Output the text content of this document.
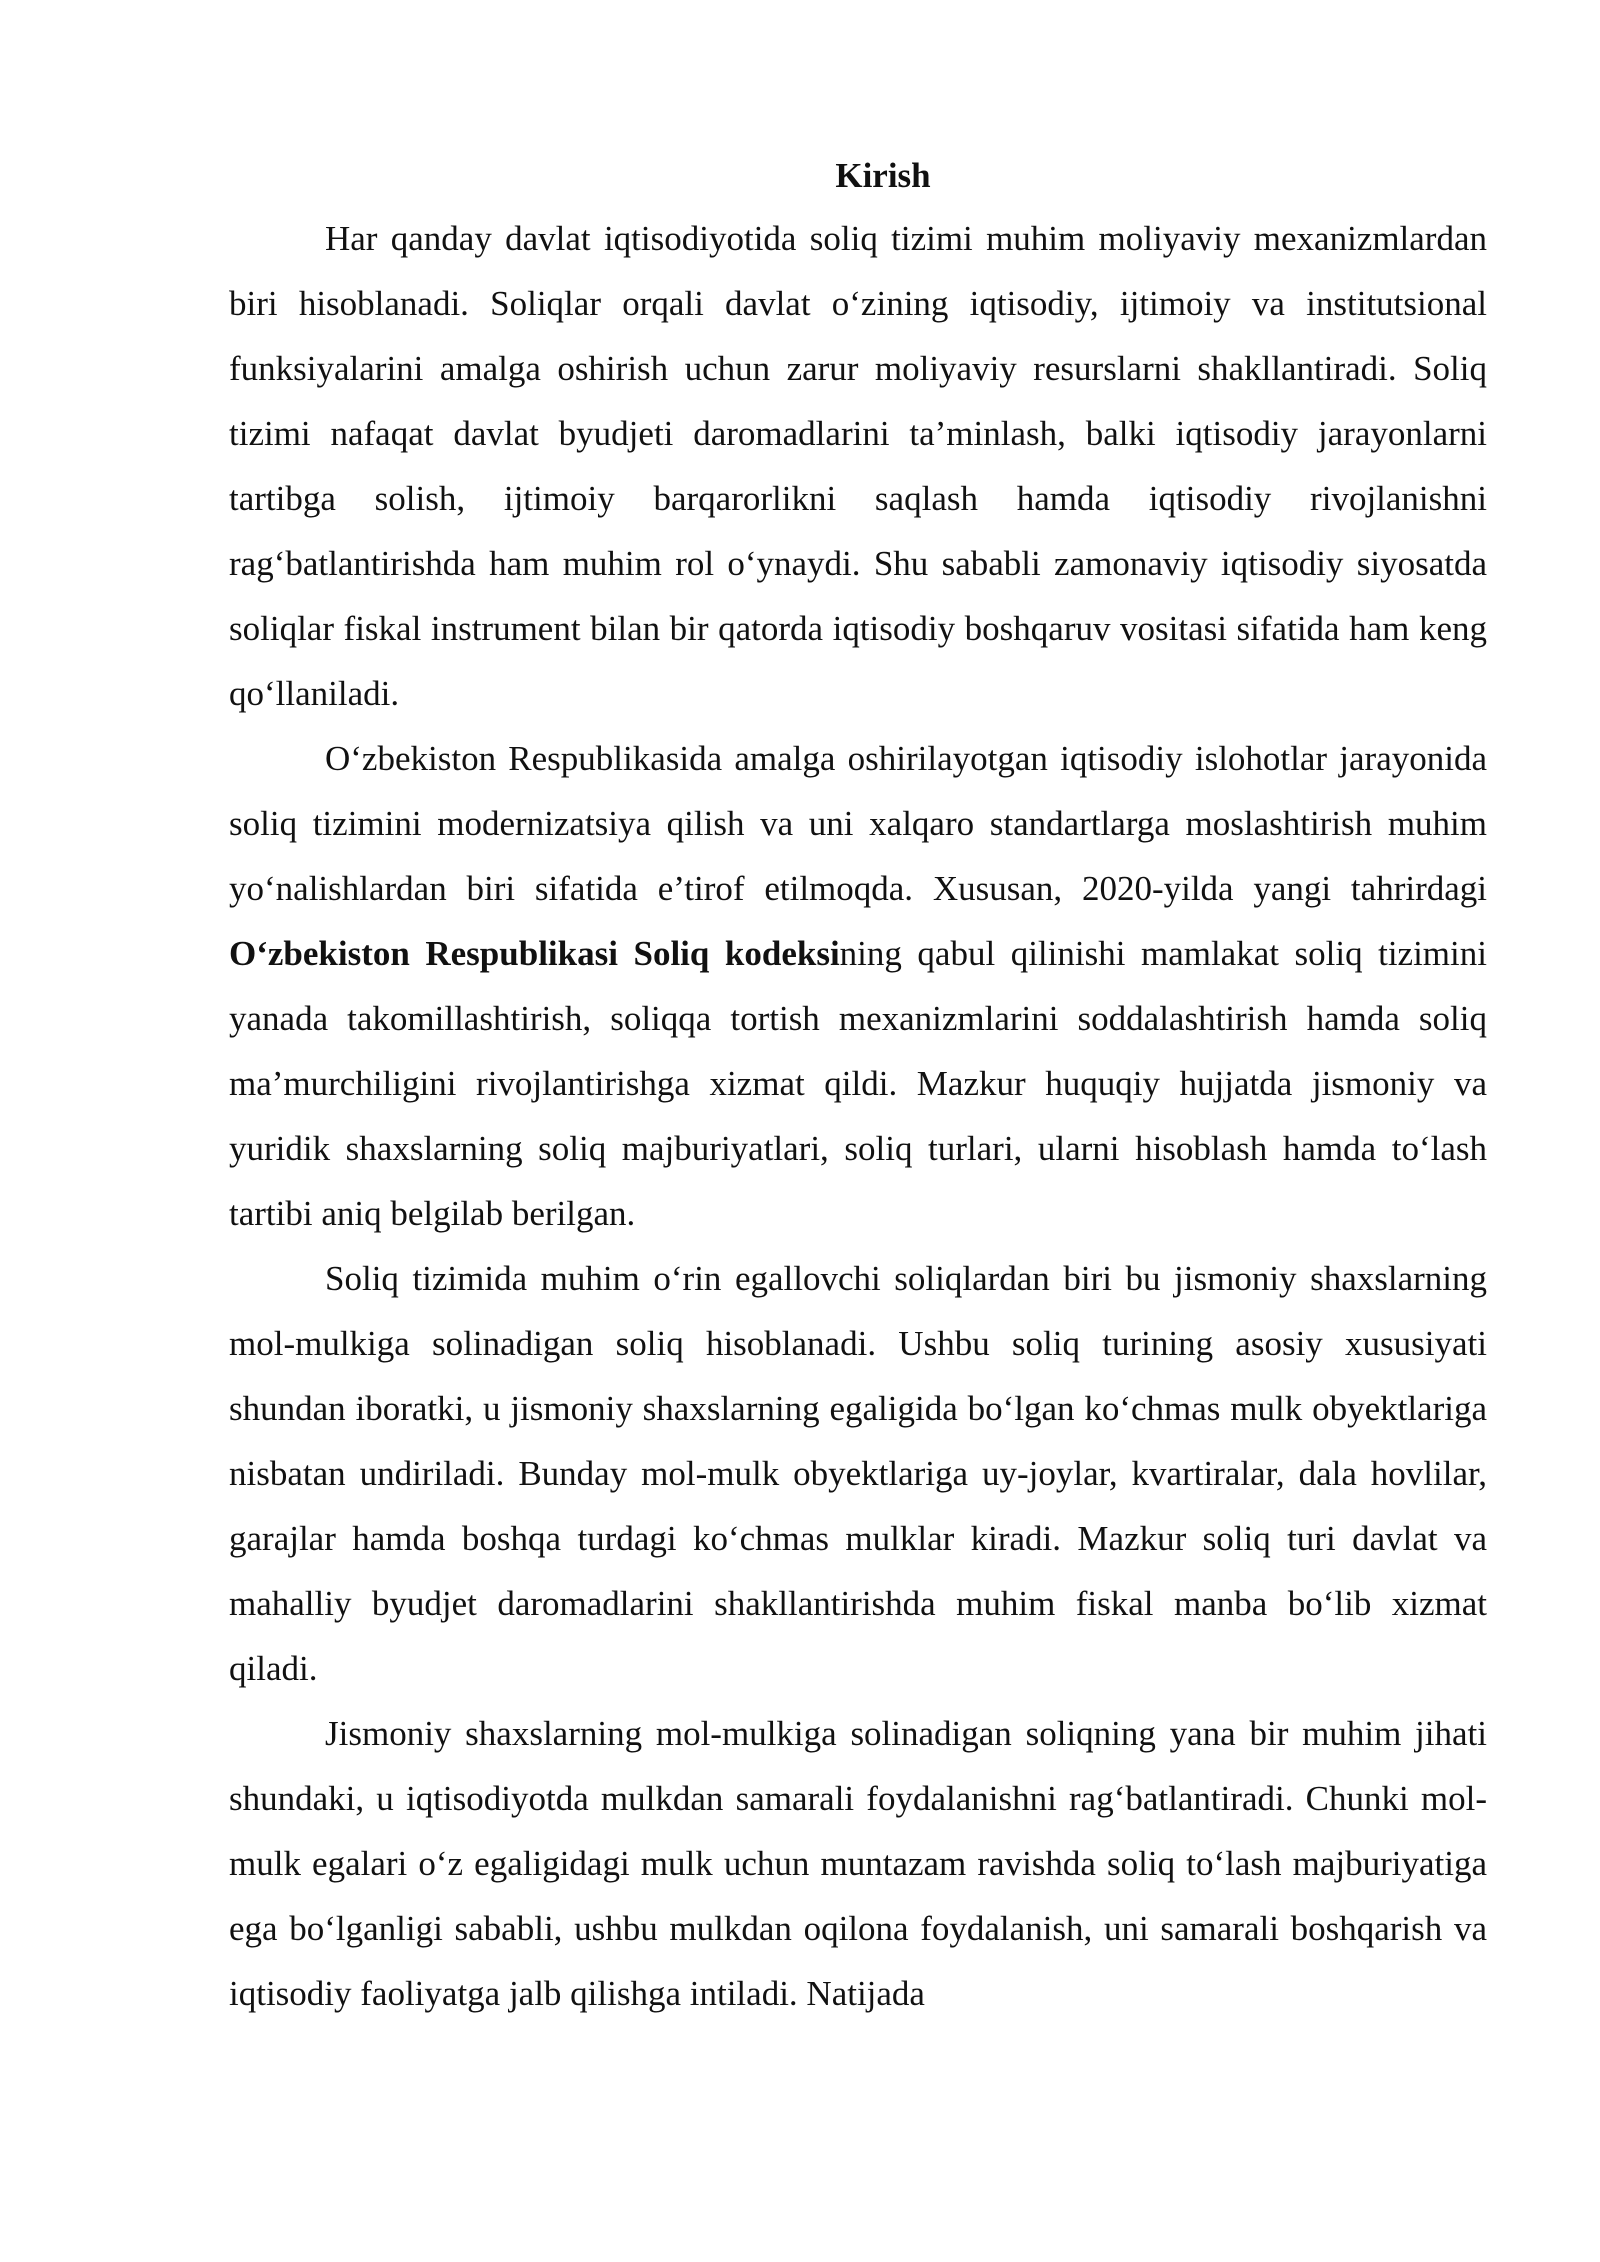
Kirish

Har qanday davlat iqtisodiyotida soliq tizimi muhim moliyaviy mexanizmlardan biri hisoblanadi. Soliqlar orqali davlat o‘zining iqtisodiy, ijtimoiy va institutsional funksiyalarini amalga oshirish uchun zarur moliyaviy resurslarni shakllantiradi. Soliq tizimi nafaqat davlat byudjeti daromadlarini ta’minlash, balki iqtisodiy jarayonlarni tartibga solish, ijtimoiy barqarorlikni saqlash hamda iqtisodiy rivojlanishni rag‘batlantirishda ham muhim rol o‘ynaydi. Shu sababli zamonaviy iqtisodiy siyosatda soliqlar fiskal instrument bilan bir qatorda iqtisodiy boshqaruv vositasi sifatida ham keng qo‘llaniladi.

O‘zbekiston Respublikasida amalga oshirilayotgan iqtisodiy islohotlar jarayonida soliq tizimini modernizatsiya qilish va uni xalqaro standartlarga moslashtirish muhim yo‘nalishlardan biri sifatida e’tirof etilmoqda. Xususan, 2020-yilda yangi tahrirdagi O‘zbekiston Respublikasi Soliq kodeksining qabul qilinishi mamlakat soliq tizimini yanada takomillashtirish, soliqqa tortish mexanizmlarini soddalashtirish hamda soliq ma’murchiligini rivojlantirishga xizmat qildi. Mazkur huquqiy hujjatda jismoniy va yuridik shaxslarning soliq majburiyatlari, soliq turlari, ularni hisoblash hamda to‘lash tartibi aniq belgilab berilgan.

Soliq tizimida muhim o‘rin egallovchi soliqlardan biri bu jismoniy shaxslarning mol-mulkiga solinadigan soliq hisoblanadi. Ushbu soliq turining asosiy xususiyati shundan iboratki, u jismoniy shaxslarning egaligida bo‘lgan ko‘chmas mulk obyektlariga nisbatan undiriladi. Bunday mol-mulk obyektlariga uy-joylar, kvartiralar, dala hovlilar, garajlar hamda boshqa turdagi ko‘chmas mulklar kiradi. Mazkur soliq turi davlat va mahalliy byudjet daromadlarini shakllantirishda muhim fiskal manba bo‘lib xizmat qiladi.

Jismoniy shaxslarning mol-mulkiga solinadigan soliqning yana bir muhim jihati shundaki, u iqtisodiyotda mulkdan samarali foydalanishni rag‘batlantiradi. Chunki mol-mulk egalari o‘z egaligidagi mulk uchun muntazam ravishda soliq to‘lash majburiyatiga ega bo‘lganligi sababli, ushbu mulkdan oqilona foydalanish, uni samarali boshqarish va iqtisodiy faoliyatga jalb qilishga intiladi. Natijada
